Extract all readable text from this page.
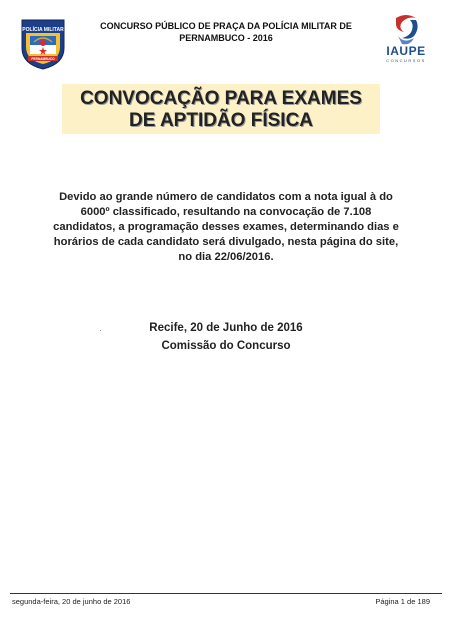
POLÍCIA MILITAR
PERNAMBUCO
CONCURSO PÚBLICO DE PRAÇA DA POLÍCIA MILITAR DE
PERNAMBUCO - 2016
IAUPE
CONCURSOS
CONVOCAÇÃO PARA EXAMES
DE APTIDÃO FÍSICA
Devido ao grande número de candidatos com a nota igual à do
6000º classificado, resultando na convocação de 7.108
candidatos, a programação desses exames, determinando dias e
horários de cada candidato será divulgado, nesta página do site,
no dia 22/06/2016.
Recife, 20 de Junho de 2016
Comissão do Concurso
segunda-feira, 20 de junho de 2016	Página 1 de 189
